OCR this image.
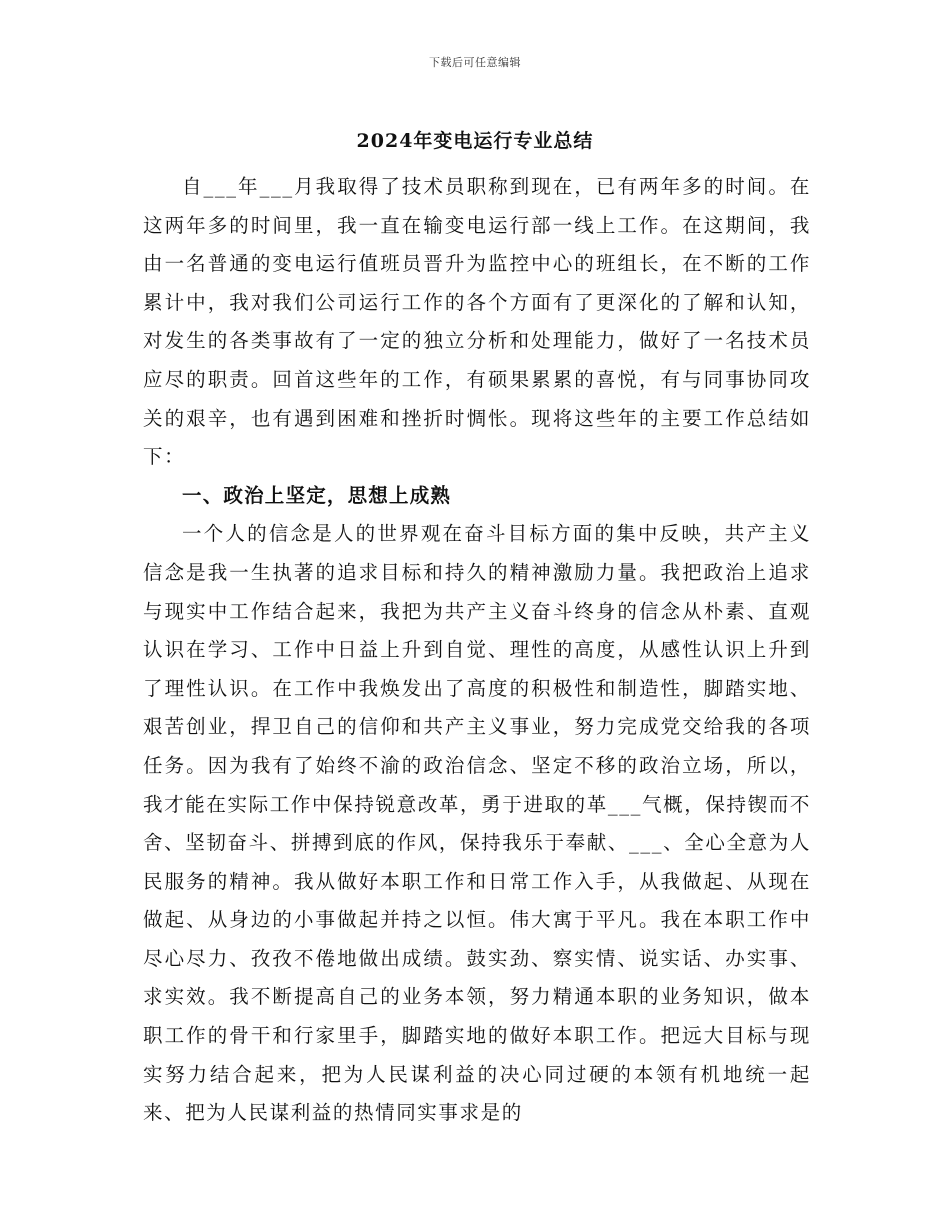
下载后可任意编辑
2024年变电运行专业总结

自___年___月我取得了技术员职称到现在，已有两年多的时间。在这两年多的时间里，我一直在输变电运行部一线上工作。在这期间，我由一名普通的变电运行值班员晋升为监控中心的班组长，在不断的工作累计中，我对我们公司运行工作的各个方面有了更深化的了解和认知，对发生的各类事故有了一定的独立分析和处理能力，做好了一名技术员应尽的职责。回首这些年的工作，有硕果累累的喜悦，有与同事协同攻关的艰辛，也有遇到困难和挫折时惆怅。现将这些年的主要工作总结如下：

一、政治上坚定，思想上成熟

一个人的信念是人的世界观在奋斗目标方面的集中反映，共产主义信念是我一生执著的追求目标和持久的精神激励力量。我把政治上追求与现实中工作结合起来，我把为共产主义奋斗终身的信念从朴素、直观认识在学习、工作中日益上升到自觉、理性的高度，从感性认识上升到了理性认识。在工作中我焕发出了高度的积极性和制造性，脚踏实地、艰苦创业，捍卫自己的信仰和共产主义事业，努力完成党交给我的各项任务。因为我有了始终不渝的政治信念、坚定不移的政治立场，所以，我才能在实际工作中保持锐意改革，勇于进取的革___气概，保持锲而不舍、坚韧奋斗、拼搏到底的作风，保持我乐于奉献、___、全心全意为人民服务的精神。我从做好本职工作和日常工作入手，从我做起、从现在做起、从身边的小事做起并持之以恒。伟大寓于平凡。我在本职工作中尽心尽力、孜孜不倦地做出成绩。鼓实劲、察实情、说实话、办实事、求实效。我不断提高自己的业务本领，努力精通本职的业务知识，做本职工作的骨干和行家里手，脚踏实地的做好本职工作。把远大目标与现实努力结合起来，把为人民谋利益的决心同过硬的本领有机地统一起来、把为人民谋利益的热情同实事求是的
